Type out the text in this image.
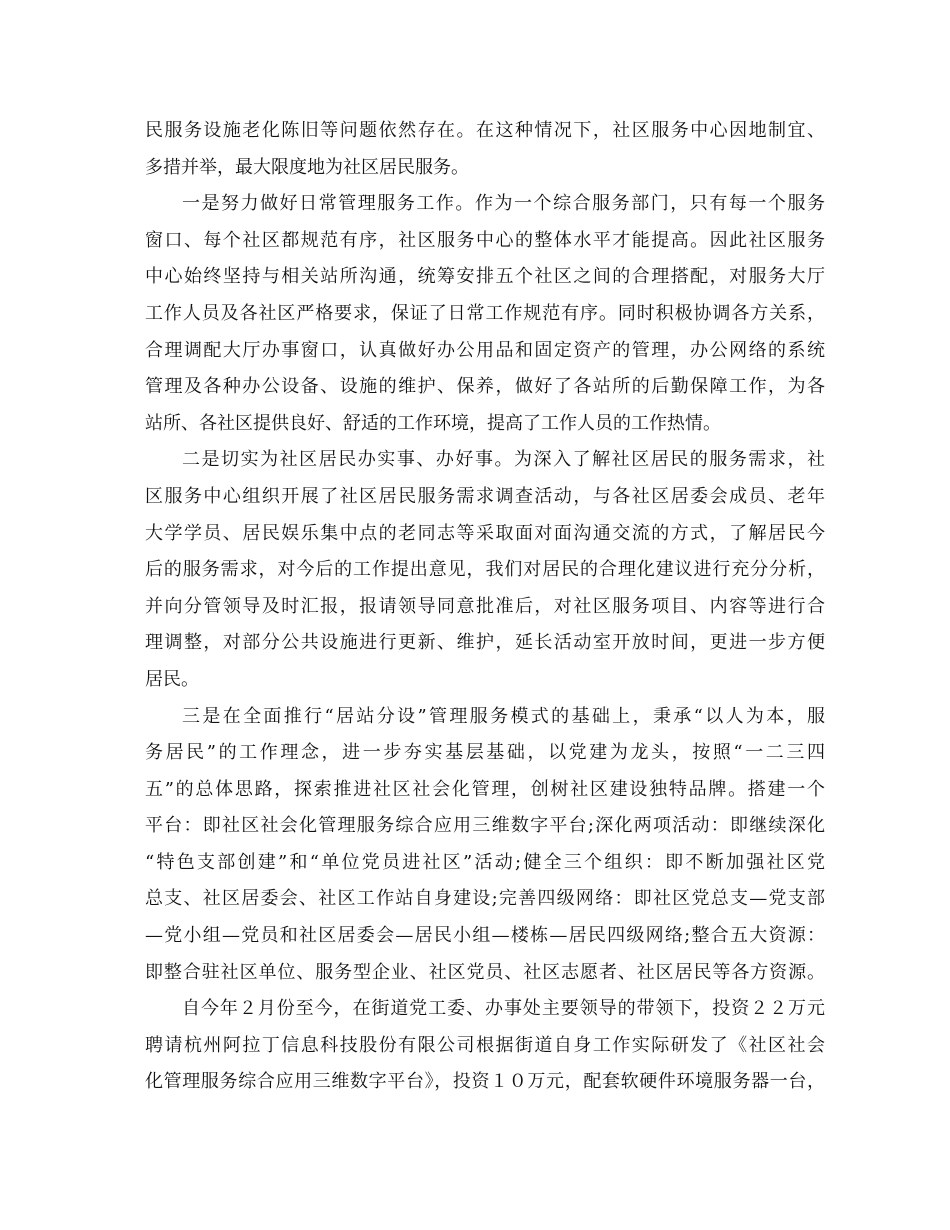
民服务设施老化陈旧等问题依然存在。在这种情况下，社区服务中心因地制宜、
多措并举，最大限度地为社区居民服务。
一是努力做好日常管理服务工作。作为一个综合服务部门，只有每一个服务
窗口、每个社区都规范有序，社区服务中心的整体水平才能提高。因此社区服务
中心始终坚持与相关站所沟通，统筹安排五个社区之间的合理搭配，对服务大厅
工作人员及各社区严格要求，保证了日常工作规范有序。同时积极协调各方关系，
合理调配大厅办事窗口，认真做好办公用品和固定资产的管理，办公网络的系统
管理及各种办公设备、设施的维护、保养，做好了各站所的后勤保障工作，为各
站所、各社区提供良好、舒适的工作环境，提高了工作人员的工作热情。
二是切实为社区居民办实事、办好事。为深入了解社区居民的服务需求，社
区服务中心组织开展了社区居民服务需求调查活动，与各社区居委会成员、老年
大学学员、居民娱乐集中点的老同志等采取面对面沟通交流的方式，了解居民今
后的服务需求，对今后的工作提出意见，我们对居民的合理化建议进行充分分析，
并向分管领导及时汇报，报请领导同意批准后，对社区服务项目、内容等进行合
理调整，对部分公共设施进行更新、维护，延长活动室开放时间，更进一步方便
居民。
三是在全面推行“居站分设”管理服务模式的基础上，秉承“以人为本，服
务居民”的工作理念，进一步夯实基层基础，以党建为龙头，按照“一二三四
五”的总体思路，探索推进社区社会化管理，创树社区建设独特品牌。搭建一个
平台：即社区社会化管理服务综合应用三维数字平台;深化两项活动：即继续深化
“特色支部创建”和“单位党员进社区”活动;健全三个组织：即不断加强社区党
总支、社区居委会、社区工作站自身建设;完善四级网络：即社区党总支—党支部
—党小组—党员和社区居委会—居民小组—楼栋—居民四级网络;整合五大资源：
即整合驻社区单位、服务型企业、社区党员、社区志愿者、社区居民等各方资源。
自今年２月份至今，在街道党工委、办事处主要领导的带领下，投资２２万元
聘请杭州阿拉丁信息科技股份有限公司根据街道自身工作实际研发了《社区社会
化管理服务综合应用三维数字平台》，投资１０万元，配套软硬件环境服务器一台，
